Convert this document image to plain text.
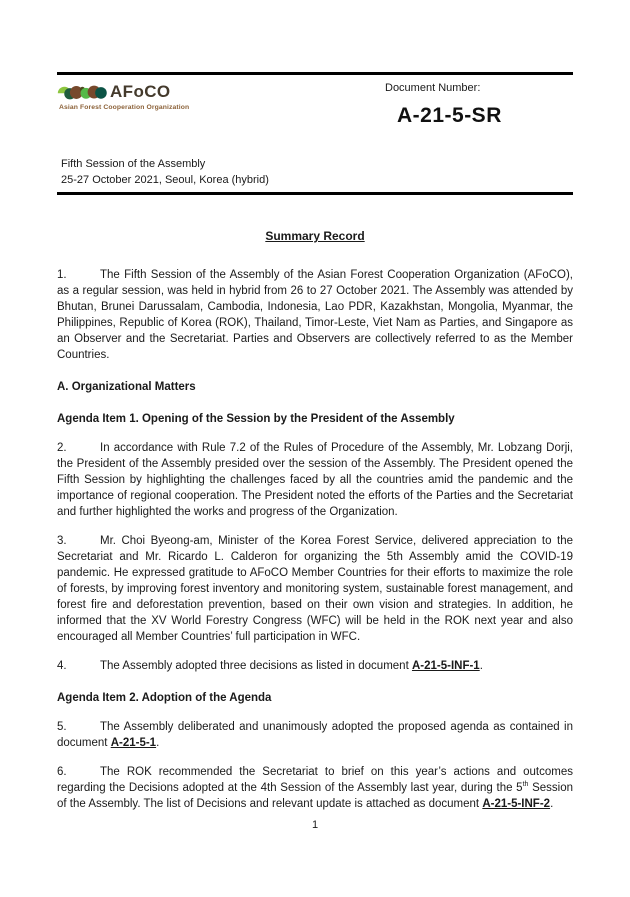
AFoCO
Asian Forest Cooperation Organization
Document Number:
A-21-5-SR
Fifth Session of the Assembly
25-27 October 2021, Seoul, Korea (hybrid)
Summary Record

1.	The Fifth Session of the Assembly of the Asian Forest Cooperation Organization (AFoCO), as a regular session, was held in hybrid from 26 to 27 October 2021. The Assembly was attended by Bhutan, Brunei Darussalam, Cambodia, Indonesia, Lao PDR, Kazakhstan, Mongolia, Myanmar, the Philippines, Republic of Korea (ROK), Thailand, Timor-Leste, Viet Nam as Parties, and Singapore as an Observer and the Secretariat. Parties and Observers are collectively referred to as the Member Countries.

A. Organizational Matters
Agenda Item 1. Opening of the Session by the President of the Assembly

2.	In accordance with Rule 7.2 of the Rules of Procedure of the Assembly, Mr. Lobzang Dorji, the President of the Assembly presided over the session of the Assembly. The President opened the Fifth Session by highlighting the challenges faced by all the countries amid the pandemic and the importance of regional cooperation. The President noted the efforts of the Parties and the Secretariat and further highlighted the works and progress of the Organization.

3.	Mr. Choi Byeong-am, Minister of the Korea Forest Service, delivered appreciation to the Secretariat and Mr. Ricardo L. Calderon for organizing the 5th Assembly amid the COVID-19 pandemic. He expressed gratitude to AFoCO Member Countries for their efforts to maximize the role of forests, by improving forest inventory and monitoring system, sustainable forest management, and forest fire and deforestation prevention, based on their own vision and strategies. In addition, he informed that the XV World Forestry Congress (WFC) will be held in the ROK next year and also encouraged all Member Countries’ full participation in WFC.

4.	The Assembly adopted three decisions as listed in document A-21-5-INF-1.

Agenda Item 2. Adoption of the Agenda

5.	The Assembly deliberated and unanimously adopted the proposed agenda as contained in document A-21-5-1.

6.	The ROK recommended the Secretariat to brief on this year’s actions and outcomes regarding the Decisions adopted at the 4th Session of the Assembly last year, during the 5th Session of the Assembly. The list of Decisions and relevant update is attached as document A-21-5-INF-2.

1
